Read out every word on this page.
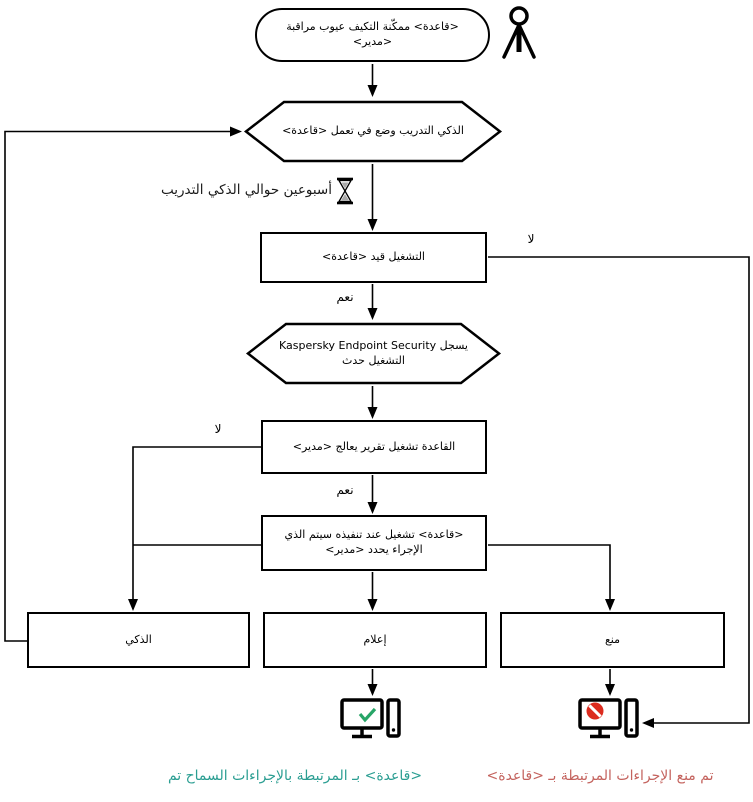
<قاعدة> ممكّنة التكيف عيوب مراقبة <مدير>
الذكي التدريب وضع في تعمل <قاعدة>
أسبوعين حوالي الذكي التدريب
التشغيل قيد <قاعدة>
لا
نعم
يسجل Kaspersky Endpoint Security التشغيل حدث
القاعدة تشغيل تقرير يعالج <مدير>
لا
نعم
<قاعدة> تشغيل عند تنفيذه سيتم الذي الإجراء يحدد <مدير>
الذكي	إعلام	منع
<قاعدة> بـ المرتبطة بالإجراءات السماح تم	تم منع الإجراءات المرتبطة بـ <قاعدة>
